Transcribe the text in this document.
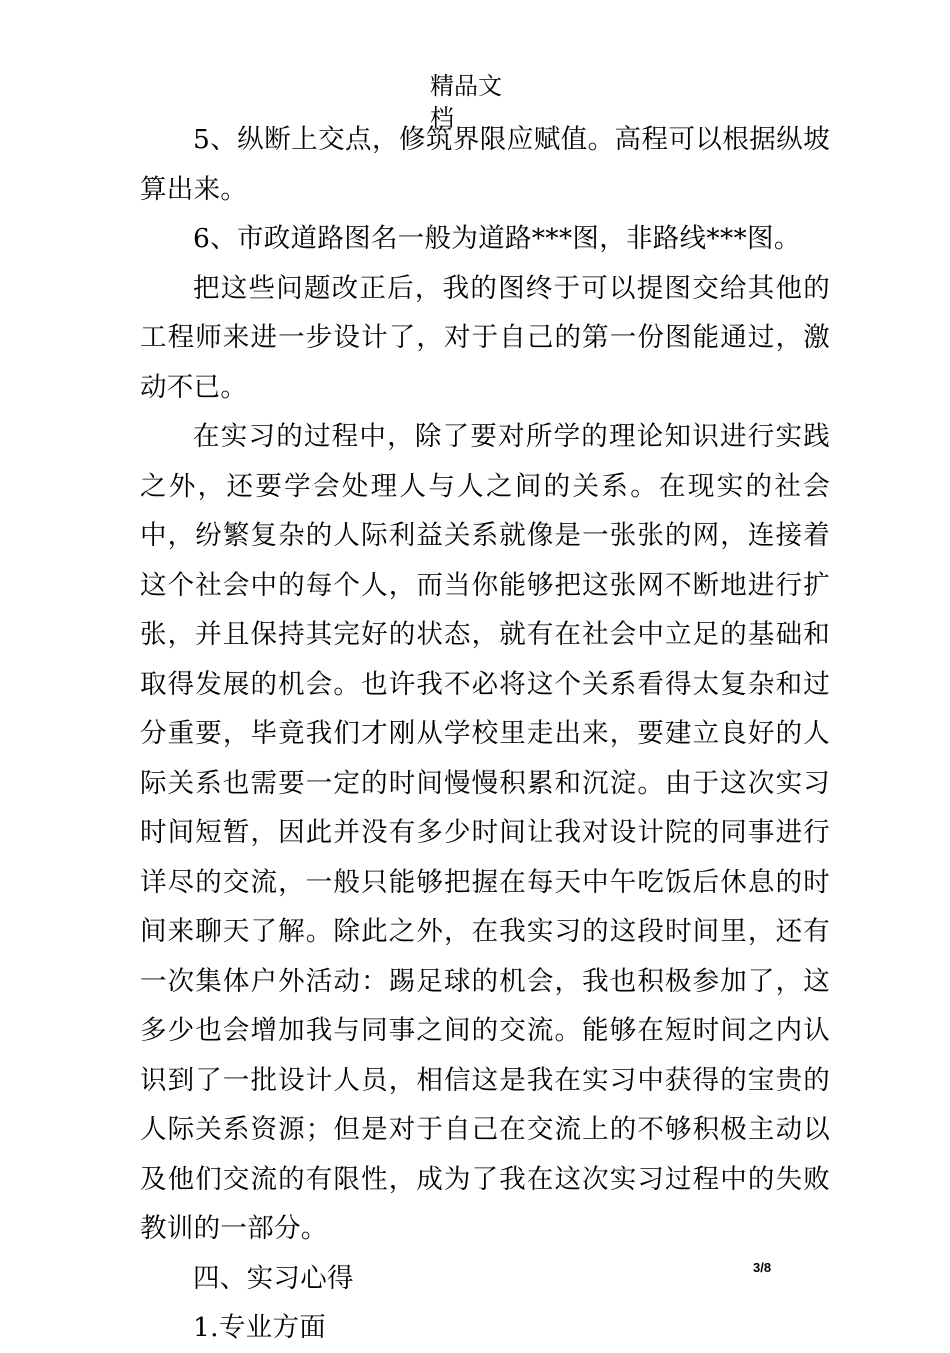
精品文档

5、纵断上交点，修筑界限应赋值。高程可以根据纵坡算出来。

6、市政道路图名一般为道路***图，非路线***图。

把这些问题改正后，我的图终于可以提图交给其他的工程师来进一步设计了，对于自己的第一份图能通过，激动不已。

在实习的过程中，除了要对所学的理论知识进行实践之外，还要学会处理人与人之间的关系。在现实的社会中，纷繁复杂的人际利益关系就像是一张张的网，连接着这个社会中的每个人，而当你能够把这张网不断地进行扩张，并且保持其完好的状态，就有在社会中立足的基础和取得发展的机会。也许我不必将这个关系看得太复杂和过分重要，毕竟我们才刚从学校里走出来，要建立良好的人际关系也需要一定的时间慢慢积累和沉淀。由于这次实习时间短暂，因此并没有多少时间让我对设计院的同事进行详尽的交流，一般只能够把握在每天中午吃饭后休息的时间来聊天了解。除此之外，在我实习的这段时间里，还有一次集体户外活动：踢足球的机会，我也积极参加了，这多少也会增加我与同事之间的交流。能够在短时间之内认识到了一批设计人员，相信这是我在实习中获得的宝贵的人际关系资源；但是对于自己在交流上的不够积极主动以及他们交流的有限性，成为了我在这次实习过程中的失败教训的一部分。

四、实习心得

1.专业方面

3/8
